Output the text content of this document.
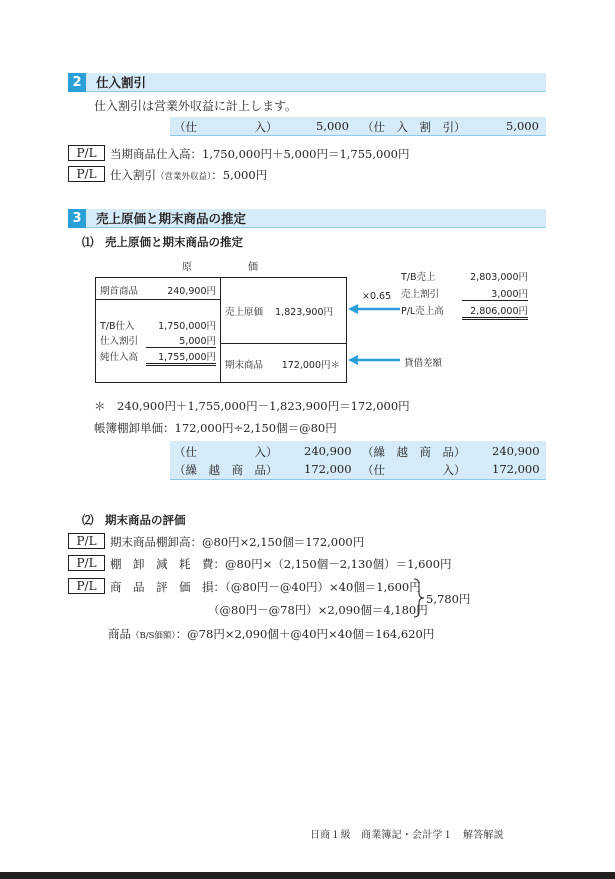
2	仕入割引
仕入割引は営業外収益に計上します。
（仕　　　　　入）	5,000 （仕　入　割　引）	5,000
P/L	当期商品仕入高：1,750,000円＋5,000円＝1,755,000円
P/L	仕入割引（営業外収益）：5,000円
3	売上原価と期末商品の推定
⑴　売上原価と期末商品の推定
原	価
期首商品	240,900円
T/B仕入	1,750,000円
仕入割引	5,000円
純仕入高	1,755,000円
売上原価	1,823,900円
期末商品	172,000円＊
×0.65
貸借差額
T/B売上	2,803,000円
売上割引	3,000円
P/L売上高	2,806,000円
＊　240,900円＋1,755,000円－1,823,900円＝172,000円
帳簿棚卸単価：172,000円÷2,150個＝@80円
（仕　　　　　入） 240,900 （繰　越　商　品） 240,900
（繰　越　商　品） 172,000 （仕　　　　　入） 172,000
⑵　期末商品の評価
P/L	期末商品棚卸高：@80円×2,150個＝172,000円
P/L	棚　卸　減　耗　費：@80円×（2,150個－2,130個）＝1,600円
P/L	商　品　評　価　損：（@80円－@40円）×40個＝1,600円
（@80円－@78円）×2,090個＝4,180円
5,780円
商品（B/S価額）：@78円×2,090個＋@40円×40個＝164,620円
日商１級　商業簿記・会計学１　解答解説
